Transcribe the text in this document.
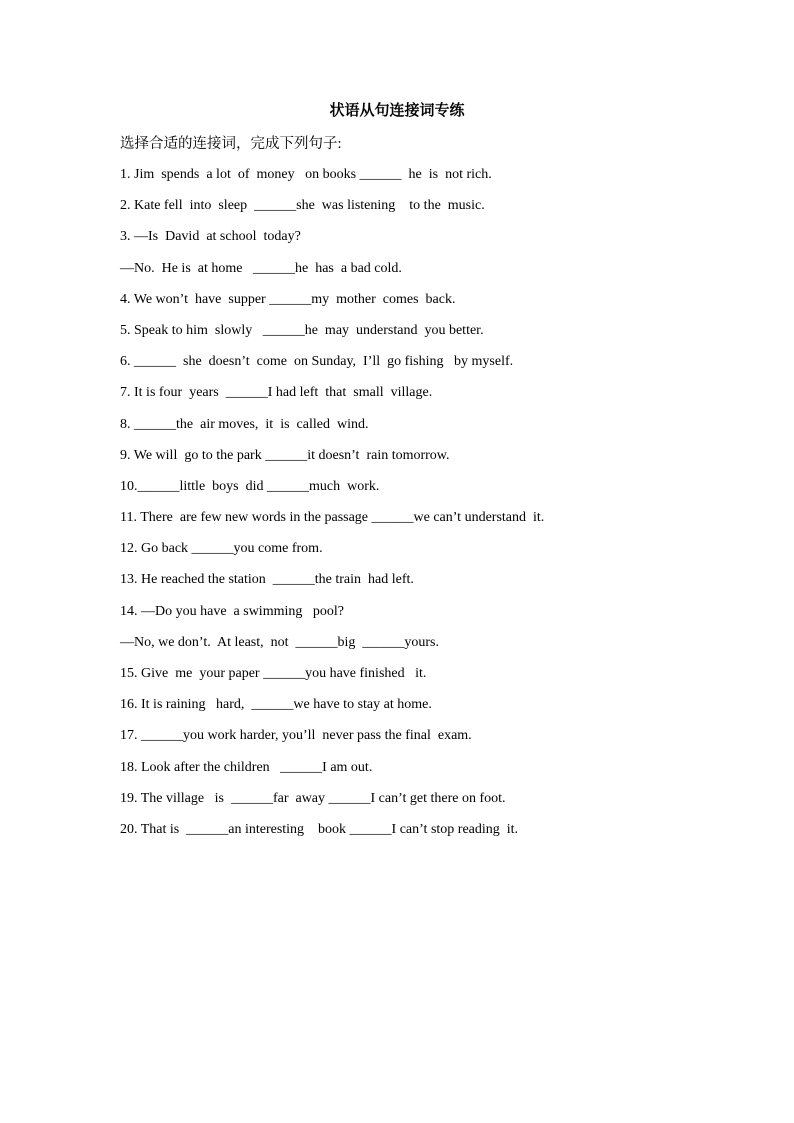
状语从句连接词专练
选择合适的连接词，完成下列句子:
1. Jim  spends  a lot  of  money   on books ______  he  is  not rich.
2. Kate fell  into  sleep  ______she  was listening    to the  music.
3. —Is  David  at school  today?
—No.  He is  at home   ______he  has  a bad cold.
4. We won’t  have  supper ______my  mother  comes  back.
5. Speak to him  slowly   ______he  may  understand  you better.
6. ______  she  doesn’t  come  on Sunday,  I’ll  go fishing   by myself.
7. It is four  years  ______I had left  that  small  village.
8. ______the  air moves,  it  is  called  wind.
9. We will  go to the park ______it doesn’t  rain tomorrow.
10.______little  boys  did ______much  work.
11. There  are few new words in the passage ______we can’t understand  it.
12. Go back ______you come from.
13. He reached the station  ______the train  had left.
14. —Do you have  a swimming   pool?
—No, we don’t.  At least,  not  ______big  ______yours.
15. Give  me  your paper ______you have finished   it.
16. It is raining   hard,  ______we have to stay at home.
17. ______you work harder, you’ll  never pass the final  exam.
18. Look after the children   ______I am out.
19. The village   is  ______far  away ______I can’t get there on foot.
20. That is  ______an interesting    book ______I can’t stop reading  it.
